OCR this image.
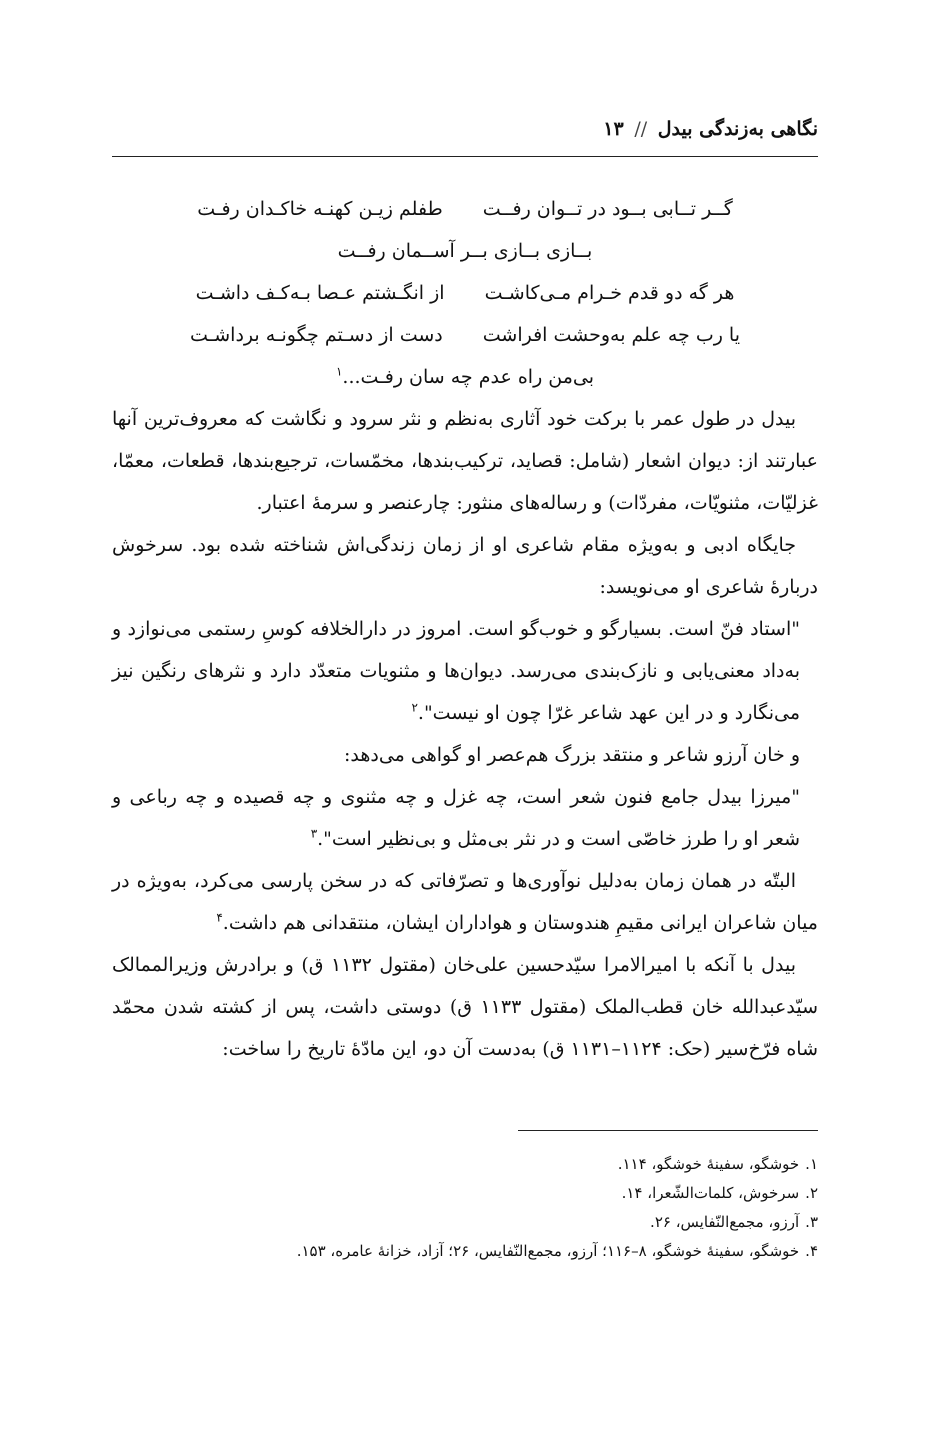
نگاهی به‌زندگی بیدل // ۱۳
گــر تــابی بــود در تــوان رفــت
طفلم زیـن کهنـه خاکـدان رفـت
بــازی بــازی بــر آســمان رفــت
هر گه دو قدم خـرام مـی‌کاشـت
از انگـشتم عـصا بـه‌کـف داشـت
یا رب چه علم به‌وحشت افراشت
دست از دسـتم چگونـه برداشـت
بی‌من راه عدم چه سان رفـت...$^۱$

بیدل در طول عمر با برکت خود آثاری به‌نظم و نثر سرود و نگاشت که معروف‌ترین آنها عبارتند از: دیوان اشعار (شامل: قصاید، ترکیب‌بندها، مخمّسات، ترجیع‌بندها، قطعات، معمّا، غزلیّات، مثنویّات، مفردّات) و رساله‌های منثور: چارعنصر و سرمهٔ اعتبار.

جایگاه ادبی و به‌ویژه مقام شاعری او از زمان زندگی‌اش شناخته شده بود. سرخوش دربارهٔ شاعری او می‌نویسد:

"استاد فنّ است. بسیارگو و خوب‌گو است. امروز در دارالخلافه کوسِ رستمی می‌نوازد و به‌داد معنی‌یابی و نازک‌بندی می‌رسد. دیوان‌ها و مثنویات متعدّد دارد و نثرهای رنگین نیز می‌نگارد و در این عهد شاعر غرّا چون او نیست".$^۲$

و خان آرزو شاعر و منتقد بزرگ هم‌عصر او گواهی می‌دهد:

"میرزا بیدل جامع فنون شعر است، چه غزل و چه مثنوی و چه قصیده و چه رباعی و شعر او را طرز خاصّی است و در نثر بی‌مثل و بی‌نظیر است".$^۳$

البتّه در همان زمان به‌دلیل نوآوری‌ها و تصرّفاتی که در سخن پارسی می‌کرد، به‌ویژه در میان شاعران ایرانی مقیمِ هندوستان و هواداران ایشان، منتقدانی هم داشت.$^۴$

بیدل با آنکه با امیرالامرا سیّدحسین علی‌خان (مقتول ۱۱۳۲ ق) و برادرش وزیرالممالک سیّدعبدالله خان قطب‌الملک (مقتول ۱۱۳۳ ق) دوستی داشت، پس از کشته شدن محمّد شاه فرّخ‌سیر (حک: ۱۱۲۴–۱۱۳۱ ق) به‌دست آن دو، این مادّهٔ تاریخ را ساخت:

۱.خوشگو، سفینهٔ خوشگو، ۱۱۴.
۲.سرخوش، کلمات‌الشّعرا، ۱۴.
۳.آرزو، مجمع‌النّفایس، ۲۶.
۴.خوشگو، سفینهٔ خوشگو، ۸–۱۱۶؛ آرزو، مجمع‌النّفایس، ۲۶؛ آزاد، خزانهٔ عامره، ۱۵۳.
